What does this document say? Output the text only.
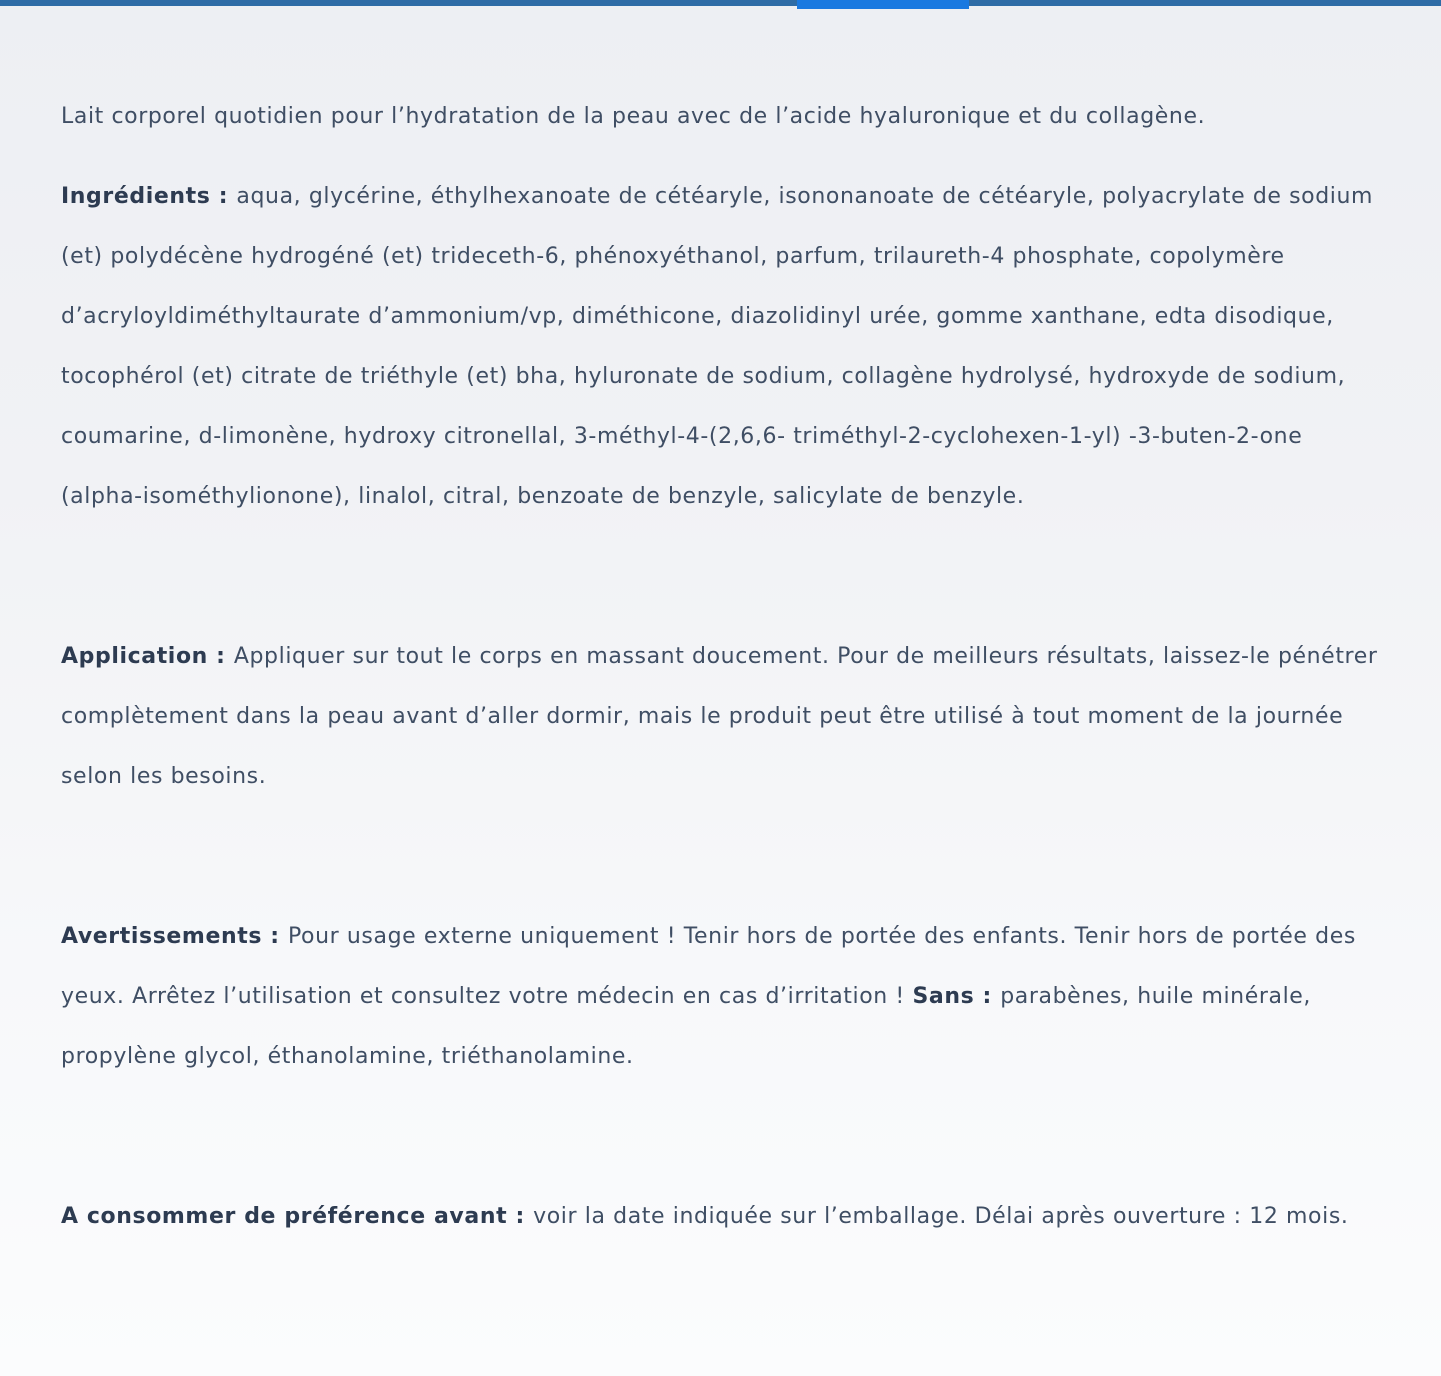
Lait corporel quotidien pour l’hydratation de la peau avec de l’acide hyaluronique et du collagène.

Ingrédients : aqua, glycérine, éthylhexanoate de cétéaryle, isononanoate de cétéaryle, polyacrylate de sodium (et) polydécène hydrogéné (et) trideceth-6, phénoxyéthanol, parfum, trilaureth-4 phosphate, copolymère d’acryloyldiméthyltaurate d’ammonium/vp, diméthicone, diazolidinyl urée, gomme xanthane, edta disodique, tocophérol (et) citrate de triéthyle (et) bha, hyluronate de sodium, collagène hydrolysé, hydroxyde de sodium, coumarine, d-limonène, hydroxy citronellal, 3-méthyl-4-(2,6,6- triméthyl-2-cyclohexen-1-yl) -3-buten-2-one (alpha-isométhylionone), linalol, citral, benzoate de benzyle, salicylate de benzyle.

Application : Appliquer sur tout le corps en massant doucement. Pour de meilleurs résultats, laissez-le pénétrer complètement dans la peau avant d’aller dormir, mais le produit peut être utilisé à tout moment de la journée selon les besoins.

Avertissements : Pour usage externe uniquement ! Tenir hors de portée des enfants. Tenir hors de portée des yeux. Arrêtez l’utilisation et consultez votre médecin en cas d’irritation ! Sans : parabènes, huile minérale, propylène glycol, éthanolamine, triéthanolamine.

A consommer de préférence avant : voir la date indiquée sur l’emballage. Délai après ouverture : 12 mois.
